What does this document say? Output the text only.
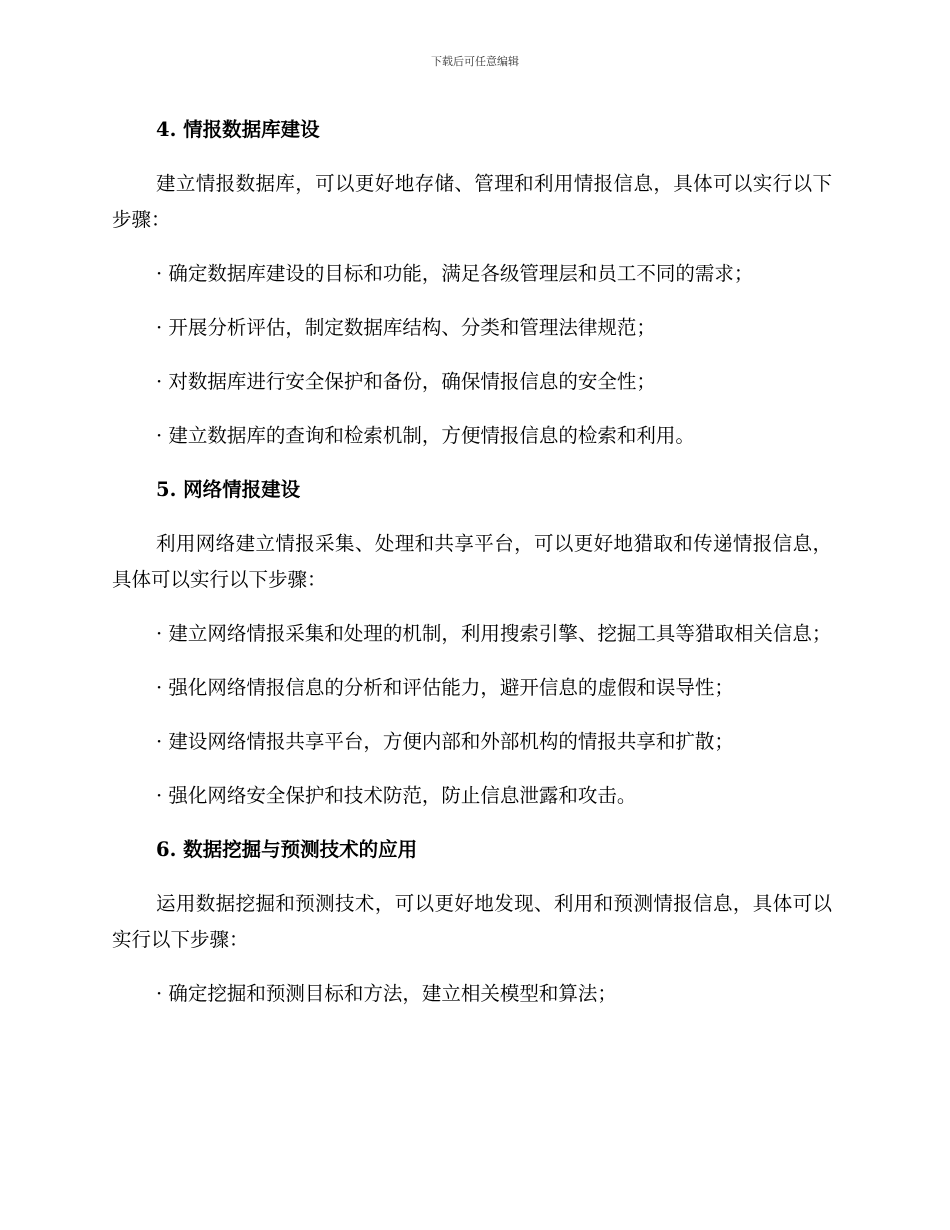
下载后可任意编辑
4. 情报数据库建设
建立情报数据库，可以更好地存储、管理和利用情报信息，具体可以实行以下步骤：
· 确定数据库建设的目标和功能，满足各级管理层和员工不同的需求；
· 开展分析评估，制定数据库结构、分类和管理法律规范；
· 对数据库进行安全保护和备份，确保情报信息的安全性；
· 建立数据库的查询和检索机制，方便情报信息的检索和利用。
5. 网络情报建设
利用网络建立情报采集、处理和共享平台，可以更好地猎取和传递情报信息，具体可以实行以下步骤：
· 建立网络情报采集和处理的机制，利用搜索引擎、挖掘工具等猎取相关信息；
· 强化网络情报信息的分析和评估能力，避开信息的虚假和误导性；
· 建设网络情报共享平台，方便内部和外部机构的情报共享和扩散；
· 强化网络安全保护和技术防范，防止信息泄露和攻击。
6. 数据挖掘与预测技术的应用
运用数据挖掘和预测技术，可以更好地发现、利用和预测情报信息，具体可以实行以下步骤：
· 确定挖掘和预测目标和方法，建立相关模型和算法；
